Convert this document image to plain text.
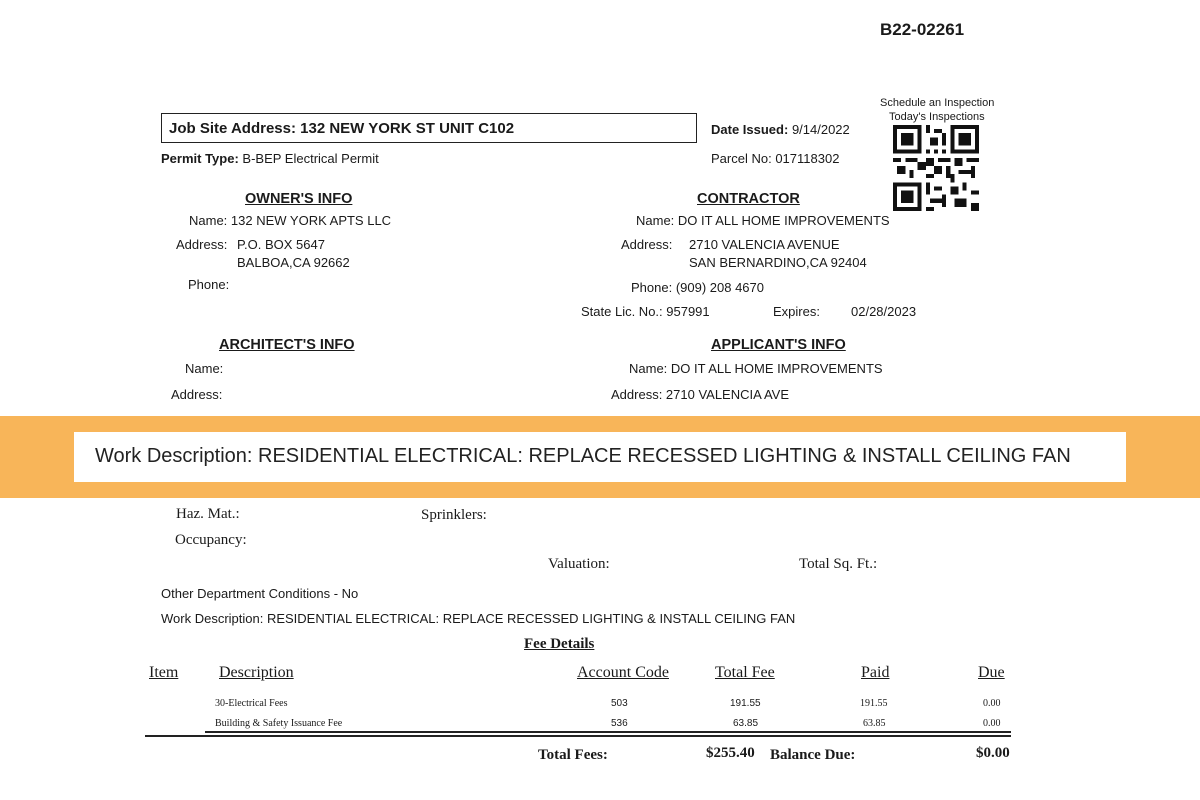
B22-02261
Schedule an Inspection
Today's Inspections
Job Site Address: 132 NEW YORK ST UNIT C102
Permit Type: B-BEP Electrical Permit
Date Issued: 9/14/2022
Parcel No: 017118302
OWNER'S INFO
Name: 132 NEW YORK APTS LLC
Address: P.O. BOX 5647
BALBOA,CA 92662
Phone:
CONTRACTOR
Name: DO IT ALL HOME IMPROVEMENTS
Address: 2710 VALENCIA AVENUE
SAN BERNARDINO,CA 92404
Phone: (909) 208 4670
State Lic. No.: 957991	Expires: 02/28/2023
ARCHITECT'S INFO
Name:
Address:
APPLICANT'S INFO
Name: DO IT ALL HOME IMPROVEMENTS
Address: 2710 VALENCIA AVE
Work Description: RESIDENTIAL ELECTRICAL: REPLACE RECESSED LIGHTING & INSTALL CEILING FAN
Haz. Mat.:	Sprinklers:
Occupancy:
Valuation:	Total Sq. Ft.:
Other Department Conditions - No
Work Description: RESIDENTIAL ELECTRICAL: REPLACE RECESSED LIGHTING & INSTALL CEILING FAN
Fee Details
Item	Description	Account Code	Total Fee	Paid	Due
30-Electrical Fees	503	191.55	191.55	0.00
Building & Safety Issuance Fee	536	63.85	63.85	0.00
Total Fees:	$255.40 Balance Due:	$0.00
